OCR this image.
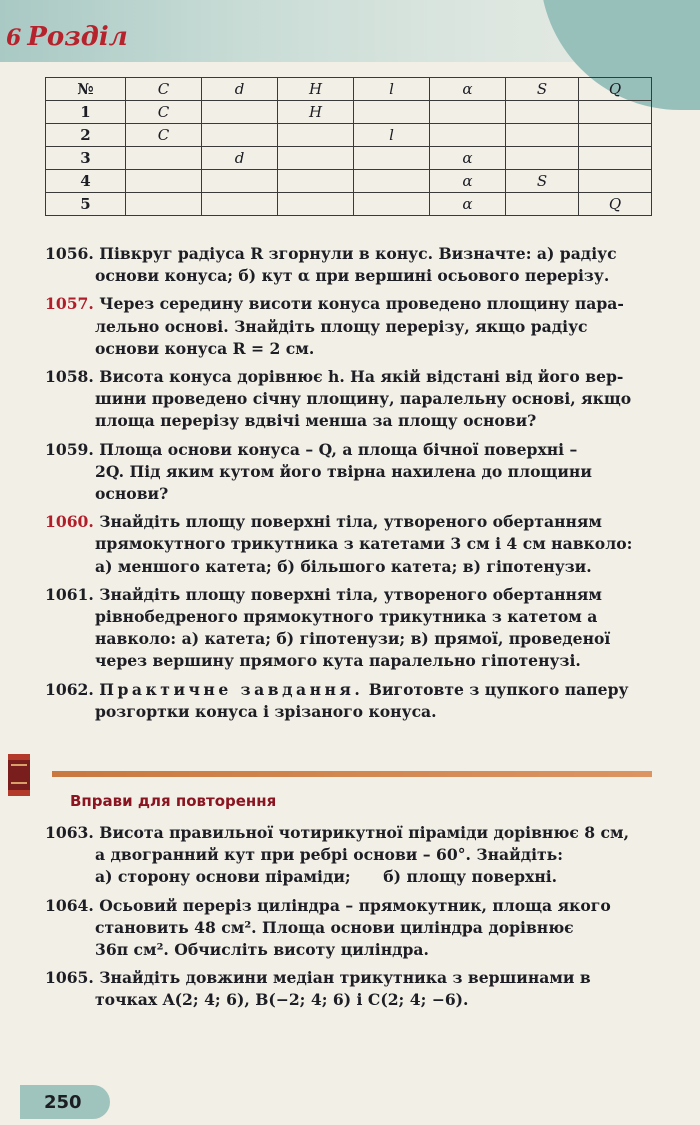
6 Розділ
№	C	d	H	l	α	S	Q
1	C		H				
2	C			l			
3		d			α		
4					α	S	
5					α		Q
1056. Півкруг радіуса R згорнули в конус. Визначте: а) радіус
основи конуса; б) кут α при вершині осьового перерізу.
1057. Через середину висоти конуса проведено площину пара-
лельно основі. Знайдіть площу перерізу, якщо радіус
основи конуса R = 2 см.
1058. Висота конуса дорівнює h. На якій відстані від його вер-
шини проведено січну площину, паралельну основі, якщо
площа перерізу вдвічі менша за площу основи?
1059. Площа основи конуса – Q, а площа бічної поверхні –
2Q. Під яким кутом його твірна нахилена до площини
основи?
1060. Знайдіть площу поверхні тіла, утвореного обертанням
прямокутного трикутника з катетами 3 см і 4 см навколо:
а) меншого катета; б) більшого катета; в) гіпотенузи.
1061. Знайдіть площу поверхні тіла, утвореного обертанням
рівнобедреного прямокутного трикутника з катетом a
навколо: а) катета; б) гіпотенузи; в) прямої, проведеної
через вершину прямого кута паралельно гіпотенузі.
1062. Практичне завдання. Виготовте з цупкого паперу
розгортки конуса і зрізаного конуса.
Вправи для повторення
1063. Висота правильної чотирикутної піраміди дорівнює 8 см,
а двогранний кут при ребрі основи – 60°. Знайдіть:
а) сторону основи піраміди;      б) площу поверхні.
1064. Осьовий переріз циліндра – прямокутник, площа якого
становить 48 см². Площа основи циліндра дорівнює
36π см². Обчисліть висоту циліндра.
1065. Знайдіть довжини медіан трикутника з вершинами в
точках A(2; 4; 6), B(−2; 4; 6) і C(2; 4; −6).
250
